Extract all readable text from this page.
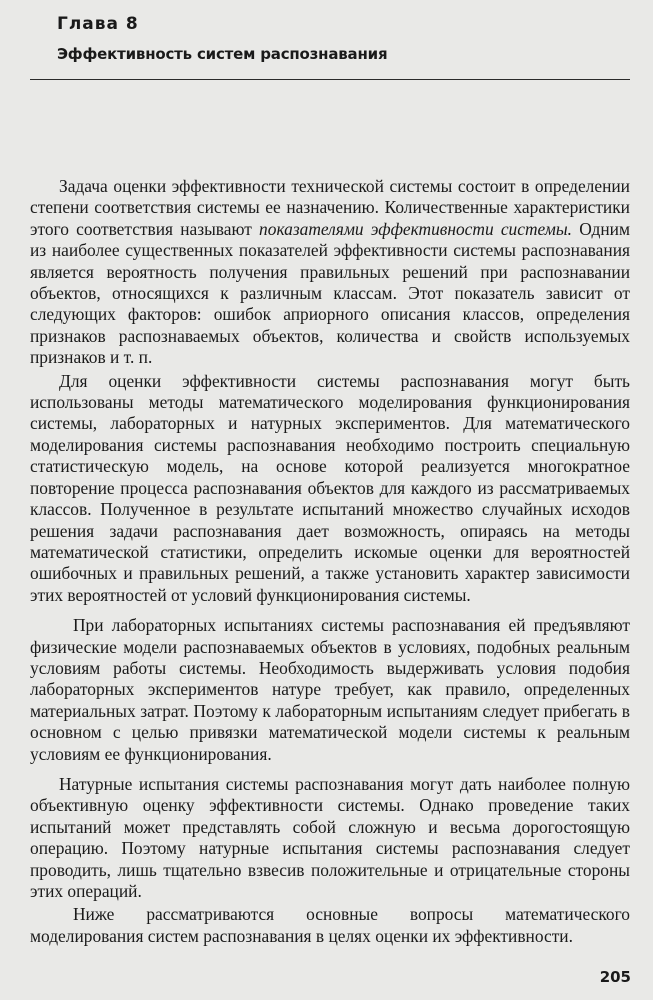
Глава 8
Эффективность систем распознавания

Задача оценки эффективности технической системы состоит в определении степени соответствия системы ее назначению. Количественные характеристики этого соответствия называют показателями эффективности системы. Одним из наиболее существенных показателей эффективности системы распознавания является вероятность получения правильных решений при распознавании объектов, относящихся к различным классам. Этот показатель зависит от следующих факторов: ошибок априорного описания классов, определения признаков распознаваемых объектов, количества и свойств используемых признаков и т. п.

Для оценки эффективности системы распознавания могут быть использованы методы математического моделирования функционирования системы, лабораторных и натурных экспериментов. Для математического моделирования системы распознавания необходимо построить специальную статистическую модель, на основе которой реализуется многократное повторение процесса распознавания объектов для каждого из рассматриваемых классов. Полученное в результате испытаний множество случайных исходов решения задачи распознавания дает возможность, опираясь на методы математической статистики, определить искомые оценки для вероятностей ошибочных и правильных решений, а также установить характер зависимости этих вероятностей от условий функционирования системы.

При лабораторных испытаниях системы распознавания ей предъявляют физические модели распознаваемых объектов в условиях, подобных реальным условиям работы системы. Необходимость выдерживать условия подобия лабораторных экспериментов натуре требует, как правило, определенных материальных затрат. Поэтому к лабораторным испытаниям следует прибегать в основном с целью привязки математической модели системы к реальным условиям ее функционирования.

Натурные испытания системы распознавания могут дать наиболее полную объективную оценку эффективности системы. Однако проведение таких испытаний может представлять собой сложную и весьма дорогостоящую операцию. Поэтому натурные испытания системы распознавания следует проводить, лишь тщательно взвесив положительные и отрицательные стороны этих операций.

Ниже рассматриваются основные вопросы математического моделирования систем распознавания в целях оценки их эффективности.

205
